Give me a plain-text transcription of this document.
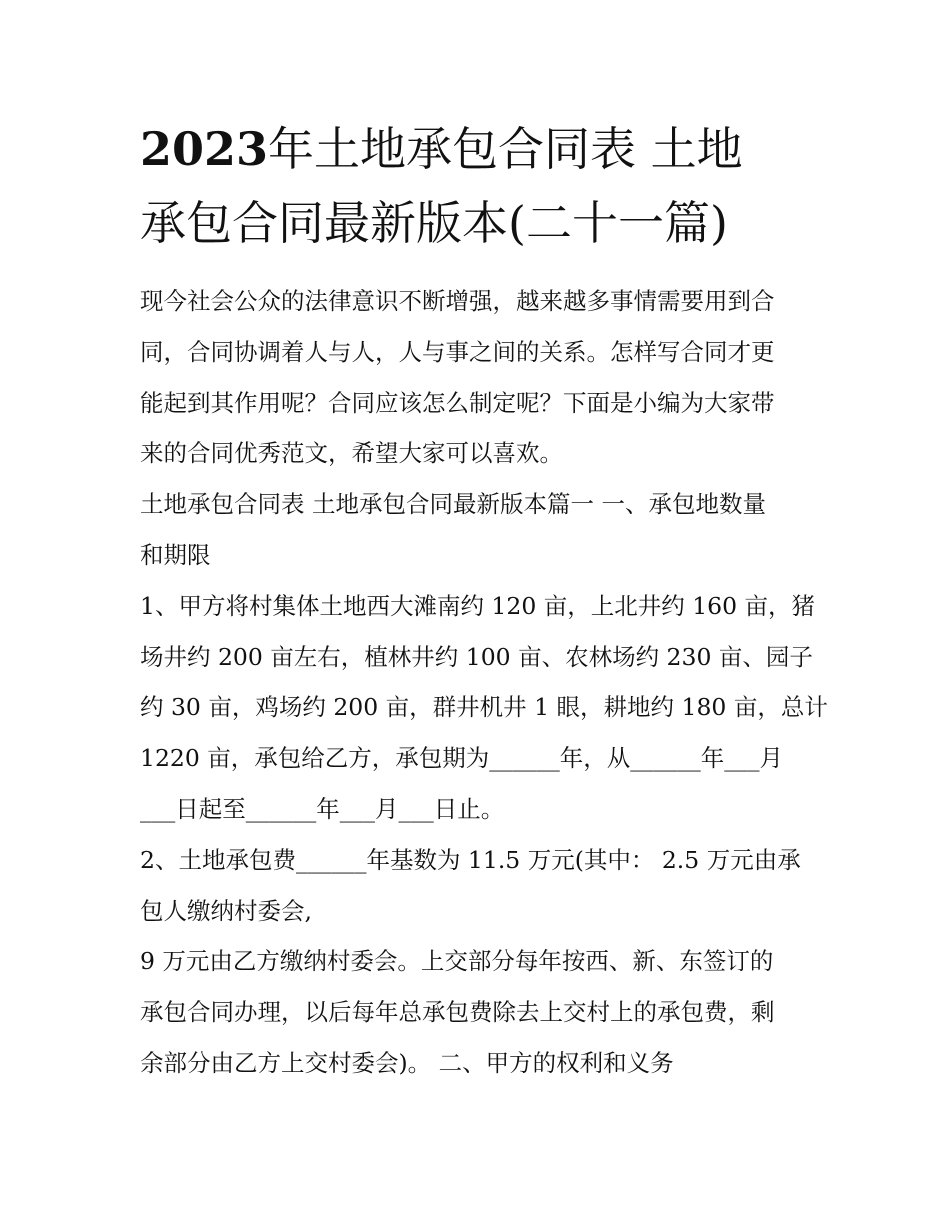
2023年土地承包合同表 土地
承包合同最新版本(二十一篇)
现今社会公众的法律意识不断增强，越来越多事情需要用到合
同，合同协调着人与人，人与事之间的关系。怎样写合同才更
能起到其作用呢？合同应该怎么制定呢？下面是小编为大家带
来的合同优秀范文，希望大家可以喜欢。
土地承包合同表 土地承包合同最新版本篇一 一、承包地数量
和期限
1、甲方将村集体土地西大滩南约 120 亩，上北井约 160 亩，猪
场井约 200 亩左右，植林井约 100 亩、农林场约 230 亩、园子
约 30 亩，鸡场约 200 亩，群井机井 1 眼，耕地约 180 亩，总计
1220 亩，承包给乙方，承包期为______年，从______年___月
___日起至______年___月___日止。
2、土地承包费______年基数为 11.5 万元(其中： 2.5 万元由承
包人缴纳村委会,
9 万元由乙方缴纳村委会。上交部分每年按西、新、东签订的
承包合同办理，以后每年总承包费除去上交村上的承包费，剩
余部分由乙方上交村委会)。 二、甲方的权利和义务
